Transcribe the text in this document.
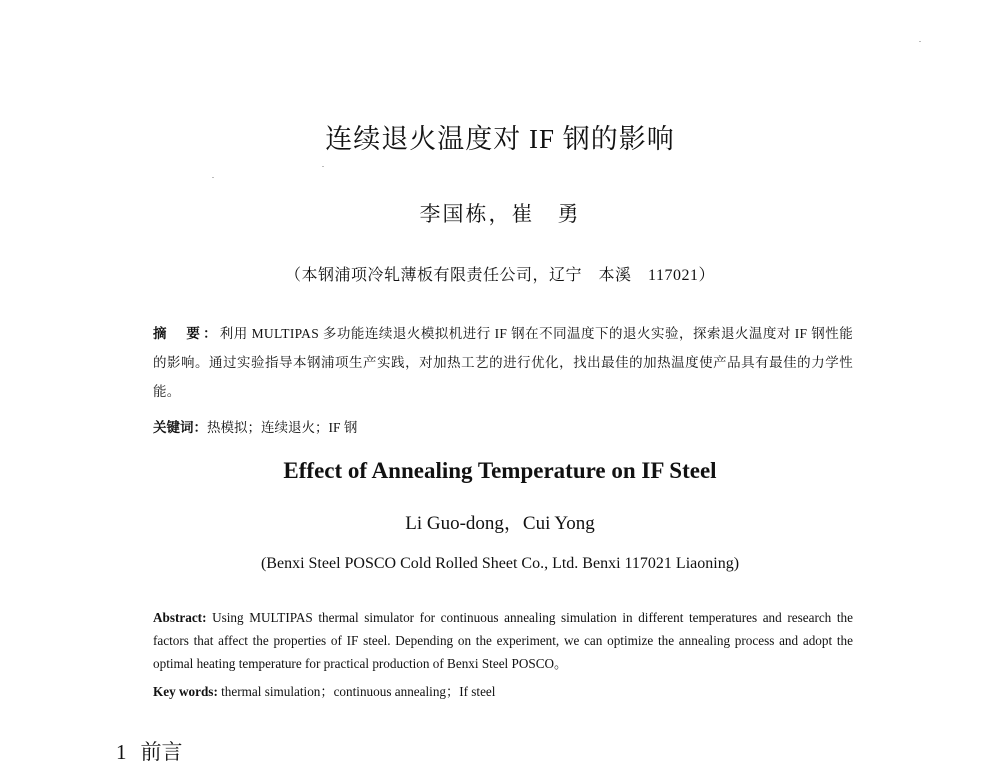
连续退火温度对 IF 钢的影响
李国栋，崔　勇
（本钢浦项冷轧薄板有限责任公司，辽宁　本溪　117021）
摘　要：利用 MULTIPAS 多功能连续退火模拟机进行 IF 钢在不同温度下的退火实验，探索退火温度对 IF 钢性能的影响。通过实验指导本钢浦项生产实践，对加热工艺的进行优化，找出最佳的加热温度使产品具有最佳的力学性能。
关键词：热模拟；连续退火；IF 钢
Effect of Annealing Temperature on IF Steel
Li Guo-dong，Cui Yong
(Benxi Steel POSCO Cold Rolled Sheet Co., Ltd. Benxi 117021 Liaoning)
Abstract: Using MULTIPAS thermal simulator for continuous annealing simulation in different temperatures and research the factors that affect the properties of IF steel. Depending on the experiment, we can optimize the annealing process and adopt the optimal heating temperature for practical production of Benxi Steel POSCO。
Key words: thermal simulation；continuous annealing；If steel
1 前言
